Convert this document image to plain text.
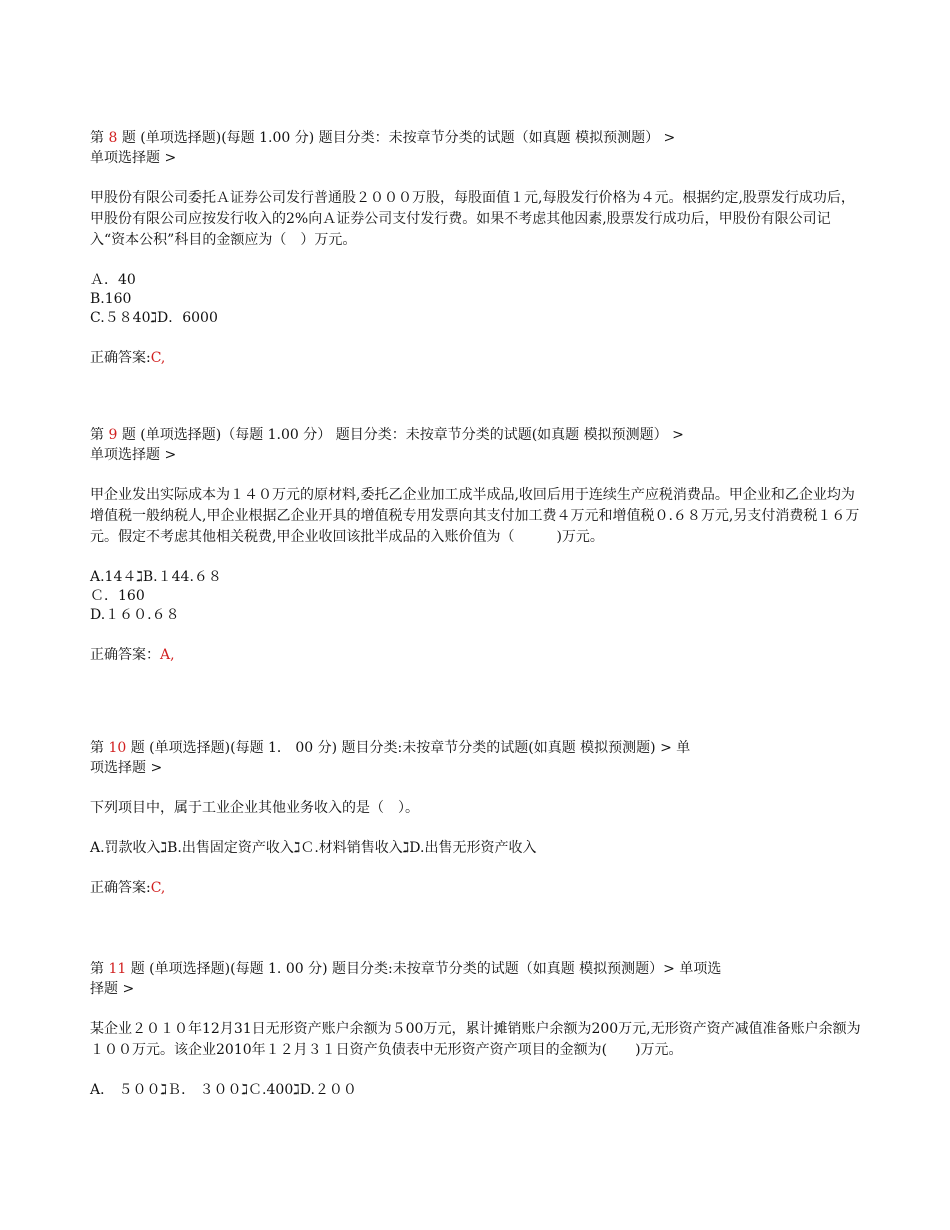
第 8 题 (单项选择题)(每题 1.00 分) 题目分类：未按章节分类的试题（如真题 模拟预测题） >
单项选择题 >
甲股份有限公司委托Ａ证券公司发行普通股２０００万股，每股面值１元,每股发行价格为４元。根据约定,股票发行成功后，甲股份有限公司应按发行收入的2%向Ａ证券公司支付发行费。如果不考虑其他因素,股票发行成功后，甲股份有限公司记入“资本公积”科目的金额应为（　）万元。
Ａ．40
B.160
C.５８40ℷD．6000
正确答案:C,
第 9 题 (单项选择题)（每题 1.00 分） 题目分类：未按章节分类的试题(如真题 模拟预测题） >
单项选择题 >
甲企业发出实际成本为１４０万元的原材料,委托乙企业加工成半成品,收回后用于连续生产应税消费品。甲企业和乙企业均为增值税一般纳税人,甲企业根据乙企业开具的增值税专用发票向其支付加工费４万元和增值税０.６８万元,另支付消费税１６万元。假定不考虑其他相关税费,甲企业收回该批半成品的入账价值为（　　　)万元。
A.14４ℷB.１44.６８
Ｃ．160
D.１６０.６８
正确答案：A,
第 10 题 (单项选择题)(每题 1． 00 分) 题目分类:未按章节分类的试题(如真题 模拟预测题) > 单
项选择题 >
下列项目中，属于工业企业其他业务收入的是（　）。
A.罚款收入ℷB.出售固定资产收入ℷＣ.材料销售收入ℷD.出售无形资产收入
正确答案:C,
第 11 题 (单项选择题)(每题 1. 00 分) 题目分类:未按章节分类的试题（如真题 模拟预测题）> 单项选
择题 >
某企业２０１０年12月31日无形资产账户余额为５00万元，累计摊销账户余额为200万元,无形资产资产减值准备账户余额为１００万元。该企业2010年１２月３１日资产负债表中无形资产资产项目的金额为(　　)万元。
A． ５００ℷＢ． ３００ℷＣ.400ℷD.２００
